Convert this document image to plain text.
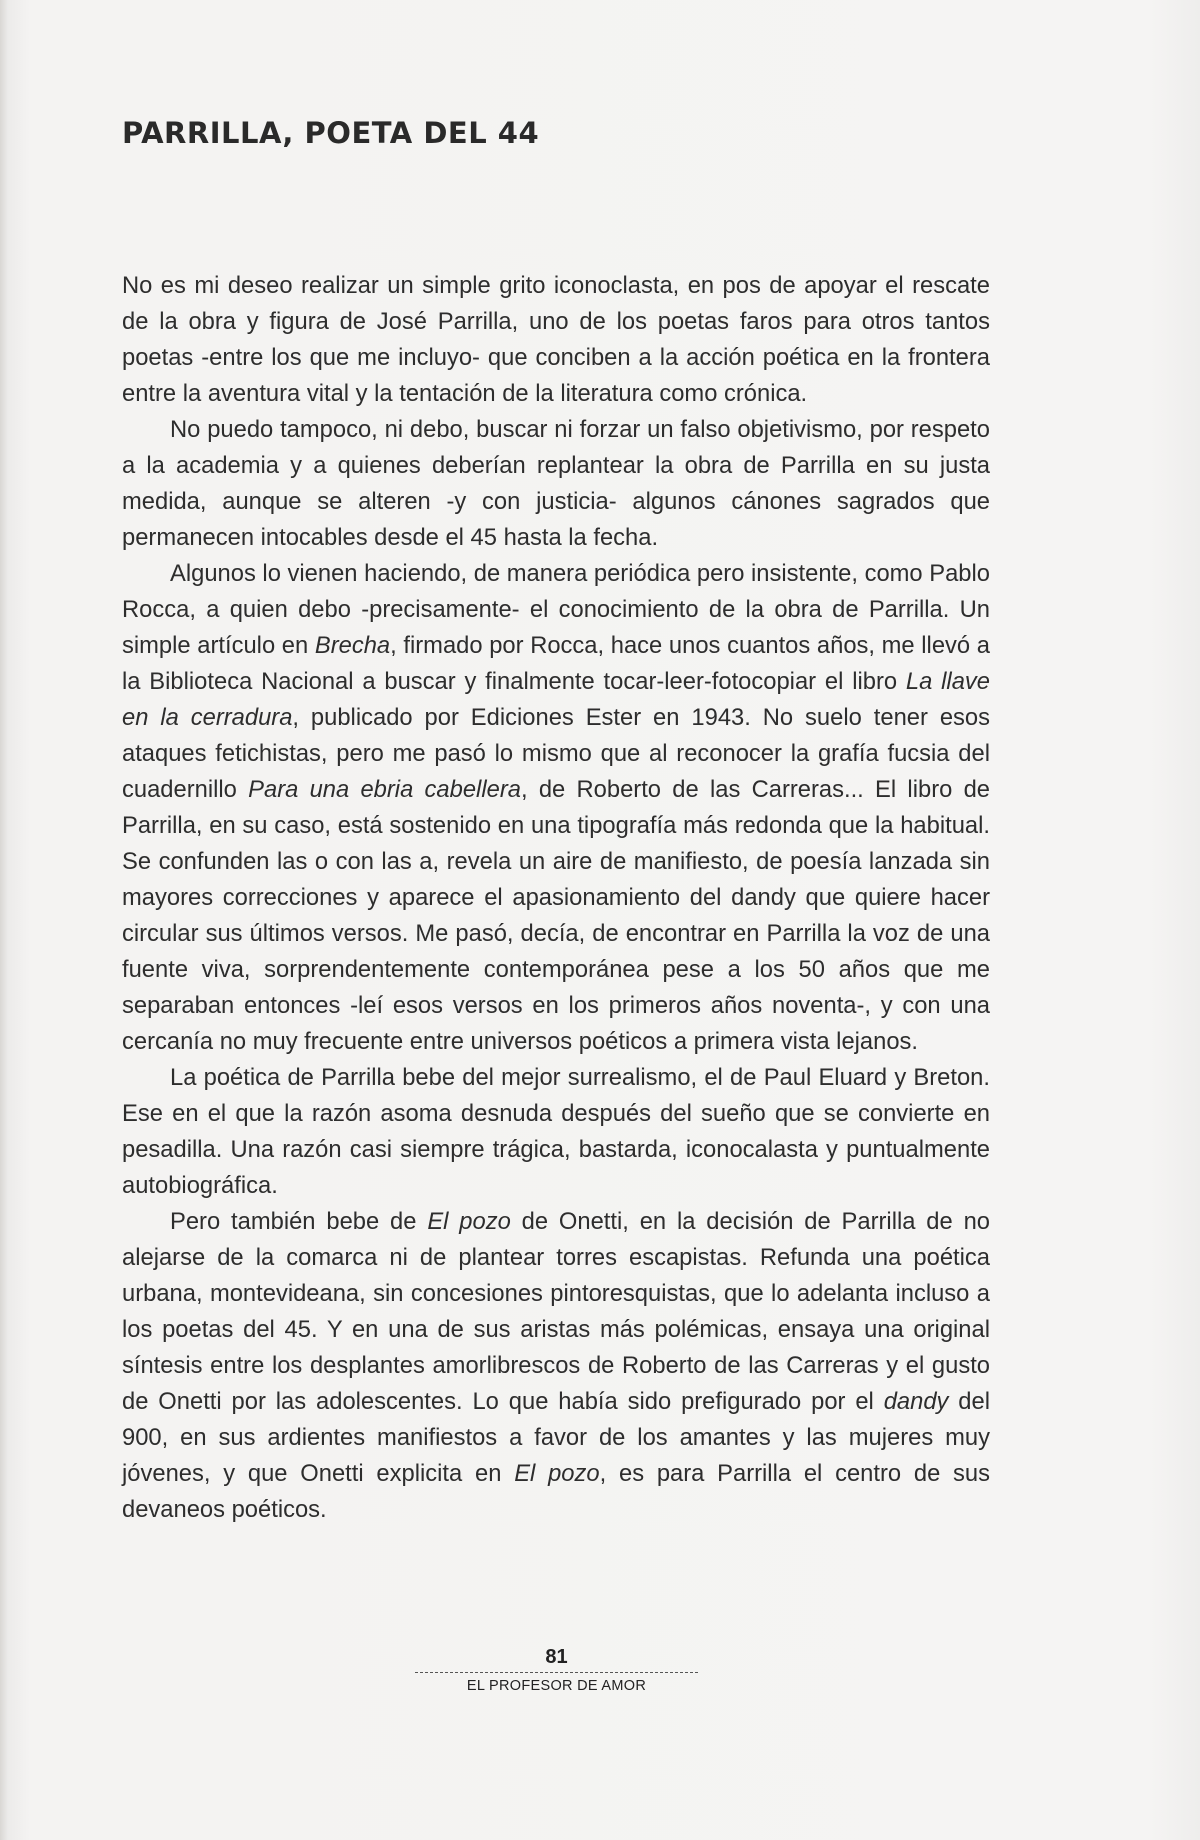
PARRILLA, POETA DEL 44

No es mi deseo realizar un simple grito iconoclasta, en pos de apoyar el rescate de la obra y figura de José Parrilla, uno de los poetas faros para otros tantos poetas -entre los que me incluyo- que conciben a la acción poética en la frontera entre la aventura vital y la tentación de la literatura como crónica.

No puedo tampoco, ni debo, buscar ni forzar un falso objetivismo, por respeto a la academia y a quienes deberían replantear la obra de Parrilla en su justa medida, aunque se alteren -y con justicia- algunos cánones sagrados que permanecen intocables desde el 45 hasta la fecha.

Algunos lo vienen haciendo, de manera periódica pero insistente, como Pablo Rocca, a quien debo -precisamente- el conocimiento de la obra de Parrilla. Un simple artículo en Brecha, firmado por Rocca, hace unos cuantos años, me llevó a la Biblioteca Nacional a buscar y finalmente tocar-leer-fotocopiar el libro La llave en la cerradura, publicado por Ediciones Ester en 1943. No suelo tener esos ataques fetichistas, pero me pasó lo mismo que al reconocer la grafía fucsia del cuadernillo Para una ebria cabellera, de Roberto de las Carreras... El libro de Parrilla, en su caso, está sostenido en una tipografía más redonda que la habitual. Se confunden las o con las a, revela un aire de manifiesto, de poesía lanzada sin mayores correcciones y aparece el apasionamiento del dandy que quiere hacer circular sus últimos versos. Me pasó, decía, de encontrar en Parrilla la voz de una fuente viva, sorprendentemente contemporánea pese a los 50 años que me separaban entonces -leí esos versos en los primeros años noventa-, y con una cercanía no muy frecuente entre universos poéticos a primera vista lejanos.

La poética de Parrilla bebe del mejor surrealismo, el de Paul Eluard y Breton. Ese en el que la razón asoma desnuda después del sueño que se convierte en pesadilla. Una razón casi siempre trágica, bastarda, iconocalasta y puntualmente autobiográfica.

Pero también bebe de El pozo de Onetti, en la decisión de Parrilla de no alejarse de la comarca ni de plantear torres escapistas. Refunda una poética urbana, montevideana, sin concesiones pintoresquistas, que lo adelanta incluso a los poetas del 45. Y en una de sus aristas más polémicas, ensaya una original síntesis entre los desplantes amorlibrescos de Roberto de las Carreras y el gusto de Onetti por las adolescentes. Lo que había sido prefigurado por el dandy del 900, en sus ardientes manifiestos a favor de los amantes y las mujeres muy jóvenes, y que Onetti explicita en El pozo, es para Parrilla el centro de sus devaneos poéticos.

81
EL PROFESOR DE AMOR
